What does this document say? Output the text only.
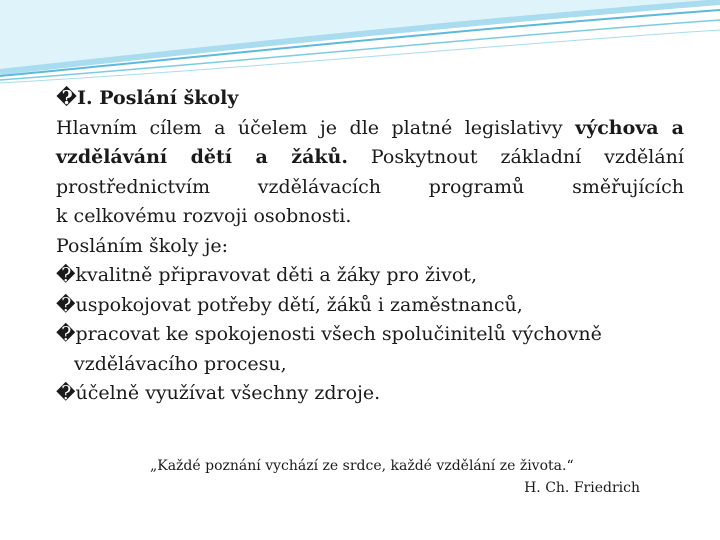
�I. Poslání školy
Hlavním cílem a účelem je dle platné legislativy výchova a
vzdělávání dětí a žáků. Poskytnout základní vzdělání
prostřednictvím vzdělávacích programů směřujících
k celkovému rozvoji osobnosti.
Posláním školy je:
�kvalitně připravovat děti a žáky pro život,
�uspokojovat potřeby dětí, žáků i zaměstnanců,
�pracovat ke spokojenosti všech spolučinitelů výchovně
vzdělávacího procesu,
�účelně využívat všechny zdroje.
„Každé poznání vychází ze srdce, každé vzdělání ze života.“
H. Ch. Friedrich
